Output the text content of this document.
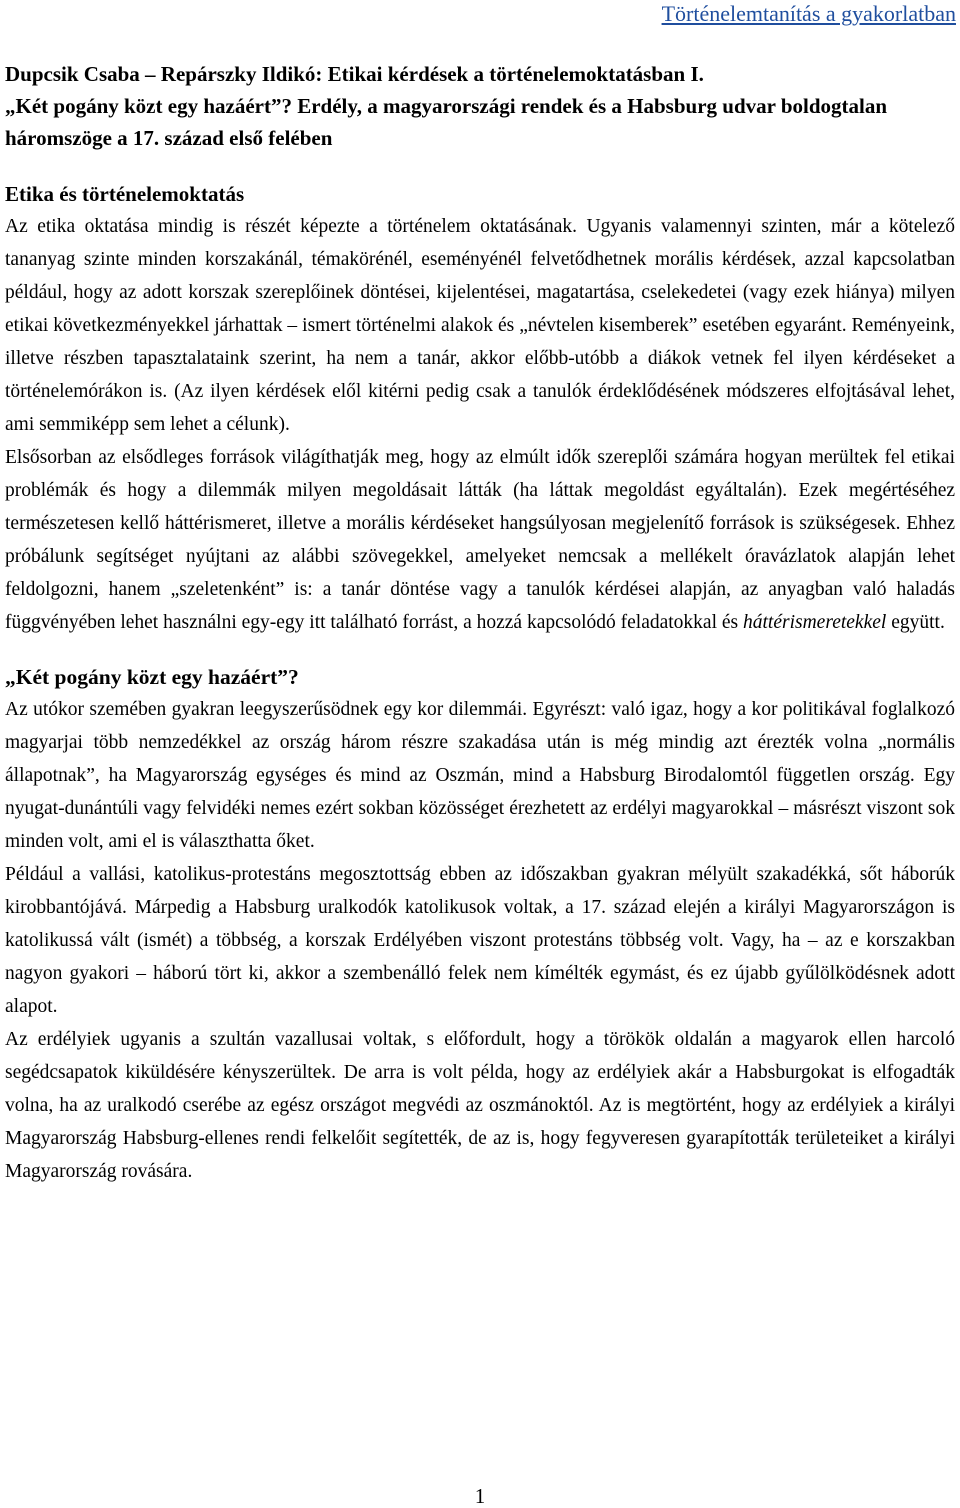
Történelemtanítás a gyakorlatban
Dupcsik Csaba – Repárszky Ildikó: Etikai kérdések a történelemoktatásban I.
„Két pogány közt egy hazáért”? Erdély, a magyarországi rendek és a Habsburg udvar boldogtalan háromszöge a 17. század első felében
Etika és történelemoktatás

Az etika oktatása mindig is részét képezte a történelem oktatásának. Ugyanis valamennyi szinten, már a kötelező tananyag szinte minden korszakánál, témakörénél, eseményénél felvetődhetnek morális kérdések, azzal kapcsolatban például, hogy az adott korszak szereplőinek döntései, kijelentései, magatartása, cselekedetei (vagy ezek hiánya) milyen etikai következményekkel járhattak – ismert történelmi alakok és „névtelen kisemberek” esetében egyaránt. Reményeink, illetve részben tapasztalataink szerint, ha nem a tanár, akkor előbb-utóbb a diákok vetnek fel ilyen kérdéseket a történelemórákon is. (Az ilyen kérdések elől kitérni pedig csak a tanulók érdeklődésének módszeres elfojtásával lehet, ami semmiképp sem lehet a célunk).

Elsősorban az elsődleges források világíthatják meg, hogy az elmúlt idők szereplői számára hogyan merültek fel etikai problémák és hogy a dilemmák milyen megoldásait látták (ha láttak megoldást egyáltalán). Ezek megértéséhez természetesen kellő háttérismeret, illetve a morális kérdéseket hangsúlyosan megjelenítő források is szükségesek. Ehhez próbálunk segítséget nyújtani az alábbi szövegekkel, amelyeket nemcsak a mellékelt óravázlatok alapján lehet feldolgozni, hanem „szeletenként” is: a tanár döntése vagy a tanulók kérdései alapján, az anyagban való haladás függvényében lehet használni egy-egy itt található forrást, a hozzá kapcsolódó feladatokkal és háttérismeretekkel együtt.

„Két pogány közt egy hazáért”?

Az utókor szemében gyakran leegyszerűsödnek egy kor dilemmái. Egyrészt: való igaz, hogy a kor politikával foglalkozó magyarjai több nemzedékkel az ország három részre szakadása után is még mindig azt érezték volna „normális állapotnak”, ha Magyarország egységes és mind az Oszmán, mind a Habsburg Birodalomtól független ország. Egy nyugat-dunántúli vagy felvidéki nemes ezért sokban közösséget érezhetett az erdélyi magyarokkal – másrészt viszont sok minden volt, ami el is választhatta őket.

Például a vallási, katolikus-protestáns megosztottság ebben az időszakban gyakran mélyült szakadékká, sőt háborúk kirobbantójává. Márpedig a Habsburg uralkodók katolikusok voltak, a 17. század elején a királyi Magyarországon is katolikussá vált (ismét) a többség, a korszak Erdélyében viszont protestáns többség volt. Vagy, ha – az e korszakban nagyon gyakori – háború tört ki, akkor a szembenálló felek nem kímélték egymást, és ez újabb gyűlölködésnek adott alapot.

Az erdélyiek ugyanis a szultán vazallusai voltak, s előfordult, hogy a törökök oldalán a magyarok ellen harcoló segédcsapatok kiküldésére kényszerültek. De arra is volt példa, hogy az erdélyiek akár a Habsburgokat is elfogadták volna, ha az uralkodó cserébe az egész országot megvédi az oszmánoktól. Az is megtörtént, hogy az erdélyiek a királyi Magyarország Habsburg-ellenes rendi felkelőit segítették, de az is, hogy fegyveresen gyarapították területeiket a királyi Magyarország rovására.

1
